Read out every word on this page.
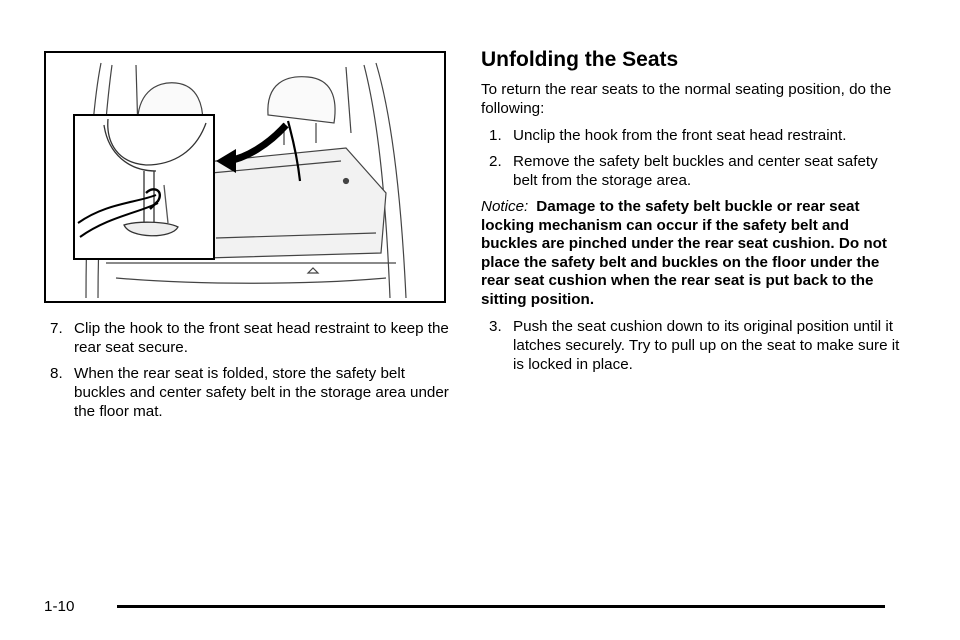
7. Clip the hook to the front seat head restraint to keep the rear seat secure.
8. When the rear seat is folded, store the safety belt buckles and center safety belt in the storage area under the floor mat.
Unfolding the Seats

To return the rear seats to the normal seating position, do the following:

1. Unclip the hook from the front seat head restraint.
2. Remove the safety belt buckles and center seat safety belt from the storage area.

Notice: Damage to the safety belt buckle or rear seat locking mechanism can occur if the safety belt and buckles are pinched under the rear seat cushion. Do not place the safety belt and buckles on the floor under the rear seat cushion when the rear seat is put back to the sitting position.

3. Push the seat cushion down to its original position until it latches securely. Try to pull up on the seat to make sure it is locked in place.
1-10
